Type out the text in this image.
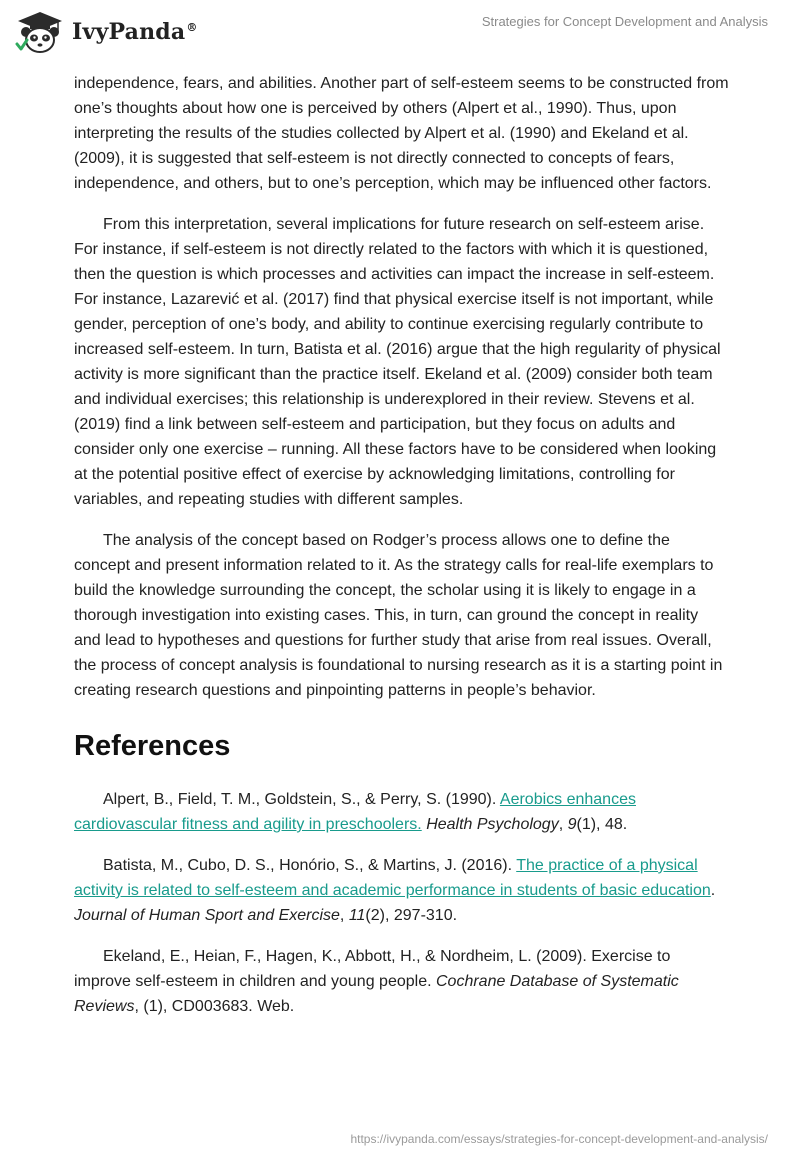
IvyPanda®	Strategies for Concept Development and Analysis

independence, fears, and abilities. Another part of self-esteem seems to be constructed from one’s thoughts about how one is perceived by others (Alpert et al., 1990). Thus, upon interpreting the results of the studies collected by Alpert et al. (1990) and Ekeland et al. (2009), it is suggested that self-esteem is not directly connected to concepts of fears, independence, and others, but to one’s perception, which may be influenced other factors.

From this interpretation, several implications for future research on self-esteem arise. For instance, if self-esteem is not directly related to the factors with which it is questioned, then the question is which processes and activities can impact the increase in self-esteem. For instance, Lazarević et al. (2017) find that physical exercise itself is not important, while gender, perception of one’s body, and ability to continue exercising regularly contribute to increased self-esteem. In turn, Batista et al. (2016) argue that the high regularity of physical activity is more significant than the practice itself. Ekeland et al. (2009) consider both team and individual exercises; this relationship is underexplored in their review. Stevens et al. (2019) find a link between self-esteem and participation, but they focus on adults and consider only one exercise – running. All these factors have to be considered when looking at the potential positive effect of exercise by acknowledging limitations, controlling for variables, and repeating studies with different samples.

The analysis of the concept based on Rodger’s process allows one to define the concept and present information related to it. As the strategy calls for real-life exemplars to build the knowledge surrounding the concept, the scholar using it is likely to engage in a thorough investigation into existing cases. This, in turn, can ground the concept in reality and lead to hypotheses and questions for further study that arise from real issues. Overall, the process of concept analysis is foundational to nursing research as it is a starting point in creating research questions and pinpointing patterns in people’s behavior.

References

Alpert, B., Field, T. M., Goldstein, S., & Perry, S. (1990). Aerobics enhances cardiovascular fitness and agility in preschoolers. Health Psychology, 9(1), 48.

Batista, M., Cubo, D. S., Honório, S., & Martins, J. (2016). The practice of a physical activity is related to self-esteem and academic performance in students of basic education. Journal of Human Sport and Exercise, 11(2), 297-310.

Ekeland, E., Heian, F., Hagen, K., Abbott, H., & Nordheim, L. (2009). Exercise to improve self-esteem in children and young people. Cochrane Database of Systematic Reviews, (1), CD003683. Web.

https://ivypanda.com/essays/strategies-for-concept-development-and-analysis/
